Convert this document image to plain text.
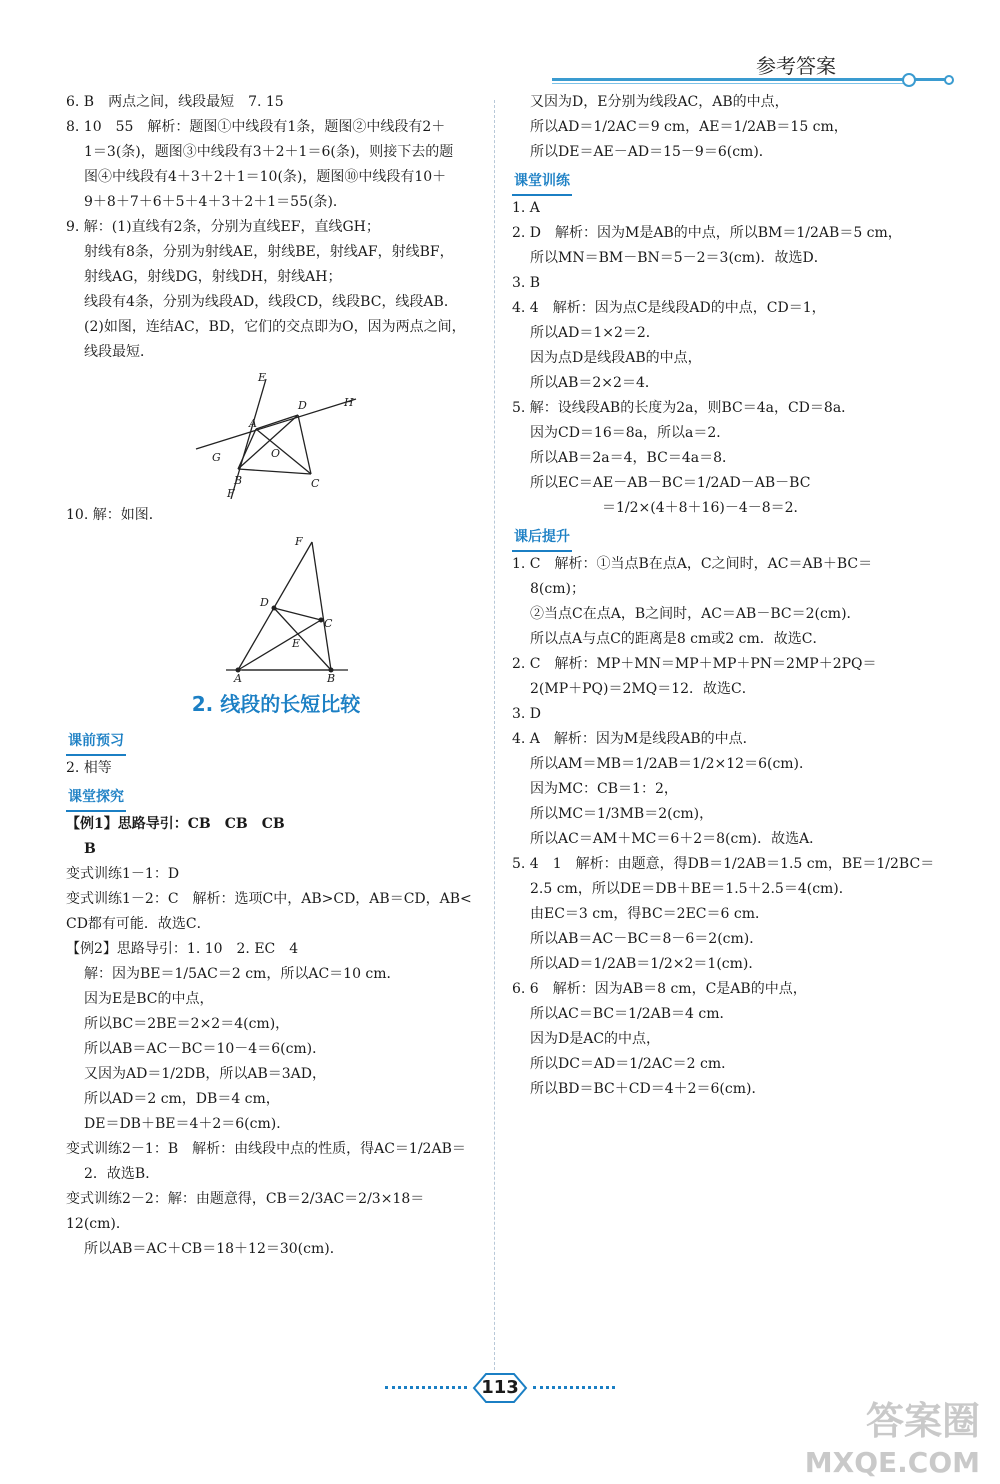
参考答案

6. B　两点之间，线段最短　7. 15

8. 10　55　解析：题图①中线段有1条，题图②中线段有2＋

1＝3(条)，题图③中线段有3＋2＋1＝6(条)，则接下去的题

图④中线段有4＋3＋2＋1＝10(条)，题图⑩中线段有10＋

9＋8＋7＋6＋5＋4＋3＋2＋1＝55(条)．

9. 解：(1)直线有2条，分别为直线EF，直线GH；

射线有8条，分别为射线AE，射线BE，射线AF，射线BF，

射线AG，射线DG，射线DH，射线AH；

线段有4条，分别为线段AD，线段CD，线段BC，线段AB．

(2)如图，连结AC，BD，它们的交点即为O，因为两点之间，

线段最短．

E
A
D	H
G	O
B	C
F

10. 解：如图．

F
D
C
E
A	B
2. 线段的长短比较
课前预习

2. 相等

课堂探究

【例1】思路导引：CB　CB　CB

B

变式训练1－1：D

变式训练1－2：C　解析：选项C中，AB>CD，AB＝CD，AB<

CD都有可能．故选C．

【例2】思路导引：1. 10　2. EC　4

解：因为BE＝1/5AC＝2 cm，所以AC＝10 cm．

因为E是BC的中点，

所以BC＝2BE＝2×2＝4(cm)，

所以AB＝AC－BC＝10－4＝6(cm)．

又因为AD＝1/2DB，所以AB＝3AD，

所以AD＝2 cm，DB＝4 cm，

DE＝DB＋BE＝4＋2＝6(cm)．

变式训练2－1：B　解析：由线段中点的性质，得AC＝1/2AB＝

2．故选B．

变式训练2－2：解：由题意得，CB＝2/3AC＝2/3×18＝12(cm)．

所以AB＝AC＋CB＝18＋12＝30(cm)．

又因为D，E分别为线段AC，AB的中点，

所以AD＝1/2AC＝9 cm，AE＝1/2AB＝15 cm，

所以DE＝AE－AD＝15－9＝6(cm)．

课堂训练

1. A

2. D　解析：因为M是AB的中点，所以BM＝1/2AB＝5 cm，

所以MN＝BM－BN＝5－2＝3(cm)．故选D．

3. B

4. 4　解析：因为点C是线段AD的中点，CD＝1，

所以AD＝1×2＝2．

因为点D是线段AB的中点，

所以AB＝2×2＝4．

5. 解：设线段AB的长度为2a，则BC＝4a，CD＝8a．

因为CD＝16＝8a，所以a＝2．

所以AB＝2a＝4，BC＝4a＝8．

所以EC＝AE－AB－BC＝1/2AD－AB－BC

＝1/2×(4＋8＋16)－4－8＝2．

课后提升

1. C　解析：①当点B在点A，C之间时，AC＝AB＋BC＝

8(cm)；

②当点C在点A，B之间时，AC＝AB－BC＝2(cm)．

所以点A与点C的距离是8 cm或2 cm．故选C．

2. C　解析：MP＋MN＝MP＋MP＋PN＝2MP＋2PQ＝

2(MP＋PQ)＝2MQ＝12．故选C．

3. D

4. A　解析：因为M是线段AB的中点．

所以AM＝MB＝1/2AB＝1/2×12＝6(cm)．

因为MC：CB＝1：2，

所以MC＝1/3MB＝2(cm)，

所以AC＝AM＋MC＝6＋2＝8(cm)．故选A．

5. 4　1　解析：由题意，得DB＝1/2AB＝1.5 cm，BE＝1/2BC＝

2.5 cm，所以DE＝DB＋BE＝1.5＋2.5＝4(cm)．

由EC＝3 cm，得BC＝2EC＝6 cm．

所以AB＝AC－BC＝8－6＝2(cm)．

所以AD＝1/2AB＝1/2×2＝1(cm)．

6. 6　解析：因为AB＝8 cm，C是AB的中点，

所以AC＝BC＝1/2AB＝4 cm．

因为D是AC的中点，

所以DC＝AD＝1/2AC＝2 cm．

所以BD＝BC＋CD＝4＋2＝6(cm)．

113
答案圈
MXQE.COM
